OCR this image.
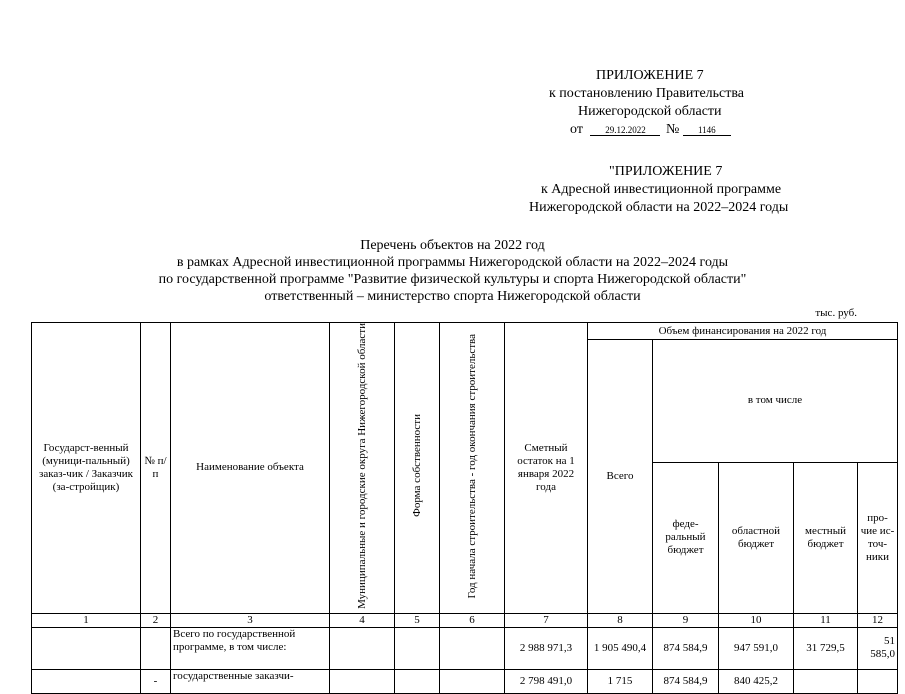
ПРИЛОЖЕНИЕ 7
к постановлению Правительства
Нижегородской области
от 29.12.2022 № 1146
"ПРИЛОЖЕНИЕ 7
к Адресной инвестиционной программе
Нижегородской области на 2022–2024 годы
Перечень объектов на 2022 год
в рамках Адресной инвестиционной программы Нижегородской области на 2022–2024 годы
по государственной программе "Развитие физической культуры и спорта Нижегородской области"
ответственный – министерство спорта Нижегородской области
тыс. руб.
Государст-венный (муници-пальный) заказ-чик / Заказчик (за-стройщик)	№ п/п	Наименование объекта	Муниципальные и городские округа Нижегородской области	Форма собственности	Год начала строительства - год окончания строительства	Сметный остаток на 1 января 2022 года	Объем финансирования на 2022 год				
							Всего	в том числе			
								феде-ральный бюджет	областной бюджет	местный бюджет	про-чие ис-точ-ники
1	2	3	4	5	6	7	8	9	10	11	12
		Всего по государственной программе, в том числе:				2 988 971,3	1 905 490,4	874 584,9	947 591,0	31 729,5	51 585,0
	-	государственные заказчи-				2 798 491,0	1 715	874 584,9	840 425,2		
